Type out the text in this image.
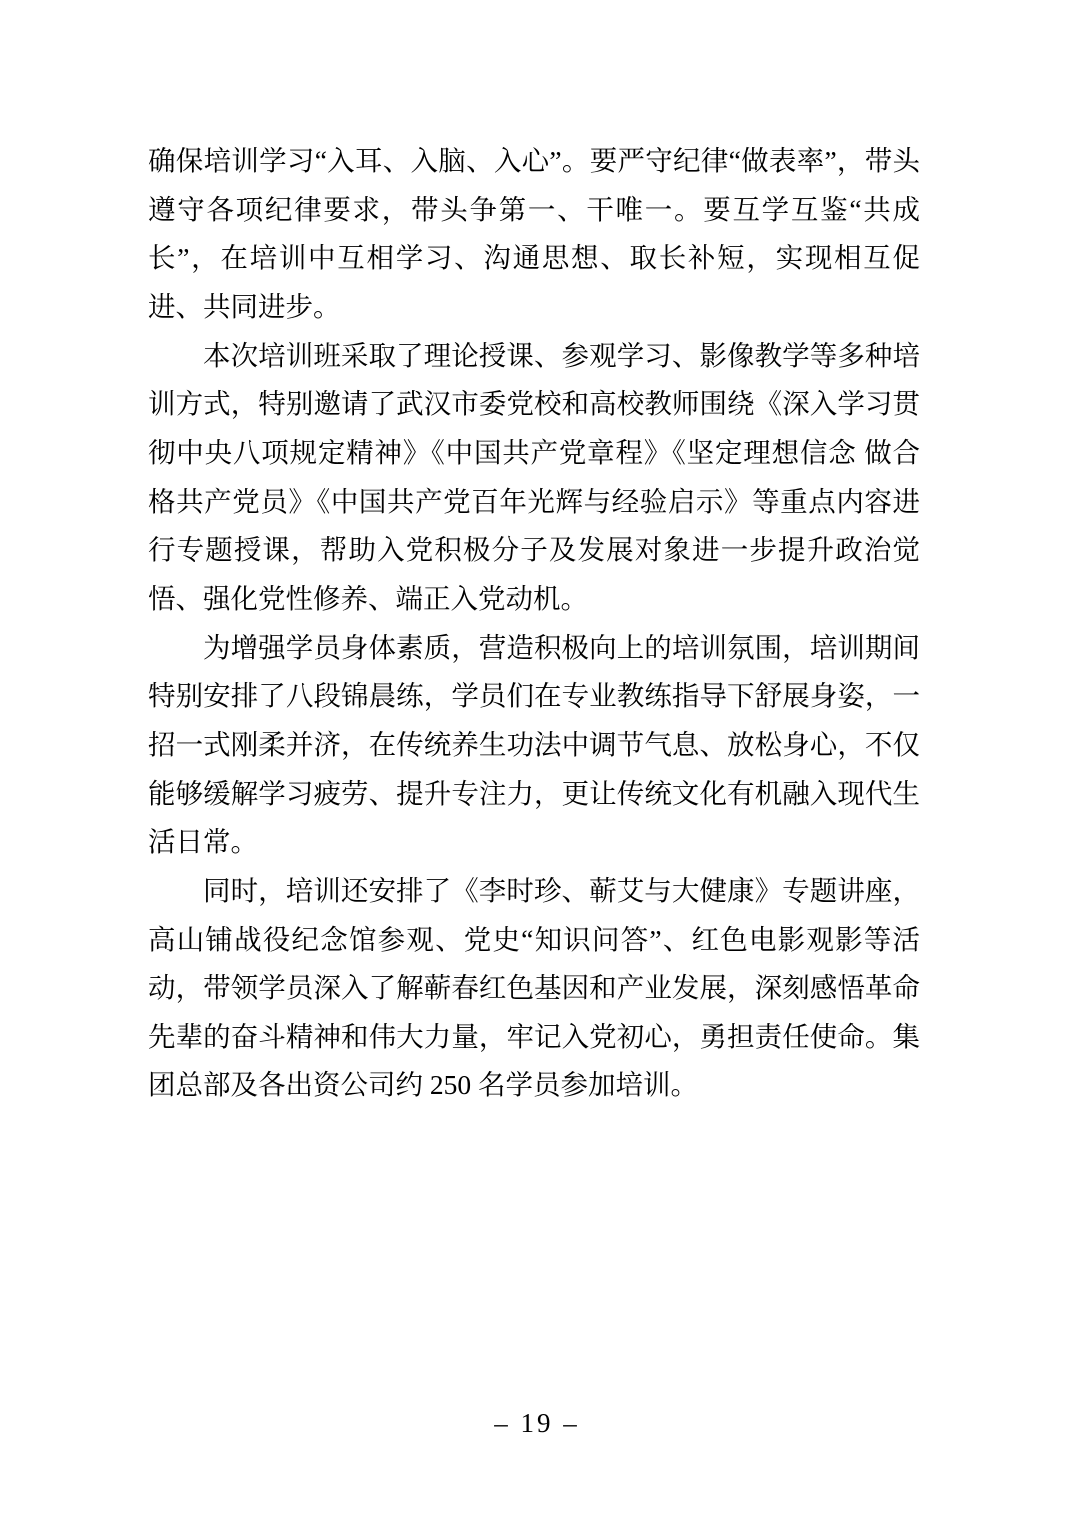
确保培训学习“入耳、入脑、入心”。要严守纪律“做表率”，带头遵守各项纪律要求，带头争第一、干唯一。要互学互鉴“共成长”，在培训中互相学习、沟通思想、取长补短，实现相互促进、共同进步。

本次培训班采取了理论授课、参观学习、影像教学等多种培训方式，特别邀请了武汉市委党校和高校教师围绕《深入学习贯彻中央八项规定精神》《中国共产党章程》《坚定理想信念 做合格共产党员》《中国共产党百年光辉与经验启示》等重点内容进行专题授课，帮助入党积极分子及发展对象进一步提升政治觉悟、强化党性修养、端正入党动机。

为增强学员身体素质，营造积极向上的培训氛围，培训期间特别安排了八段锦晨练，学员们在专业教练指导下舒展身姿，一招一式刚柔并济，在传统养生功法中调节气息、放松身心，不仅能够缓解学习疲劳、提升专注力，更让传统文化有机融入现代生活日常。

同时，培训还安排了《李时珍、蕲艾与大健康》专题讲座，高山铺战役纪念馆参观、党史“知识问答”、红色电影观影等活动，带领学员深入了解蕲春红色基因和产业发展，深刻感悟革命先辈的奋斗精神和伟大力量，牢记入党初心，勇担责任使命。集团总部及各出资公司约 250 名学员参加培训。

– 19 –
